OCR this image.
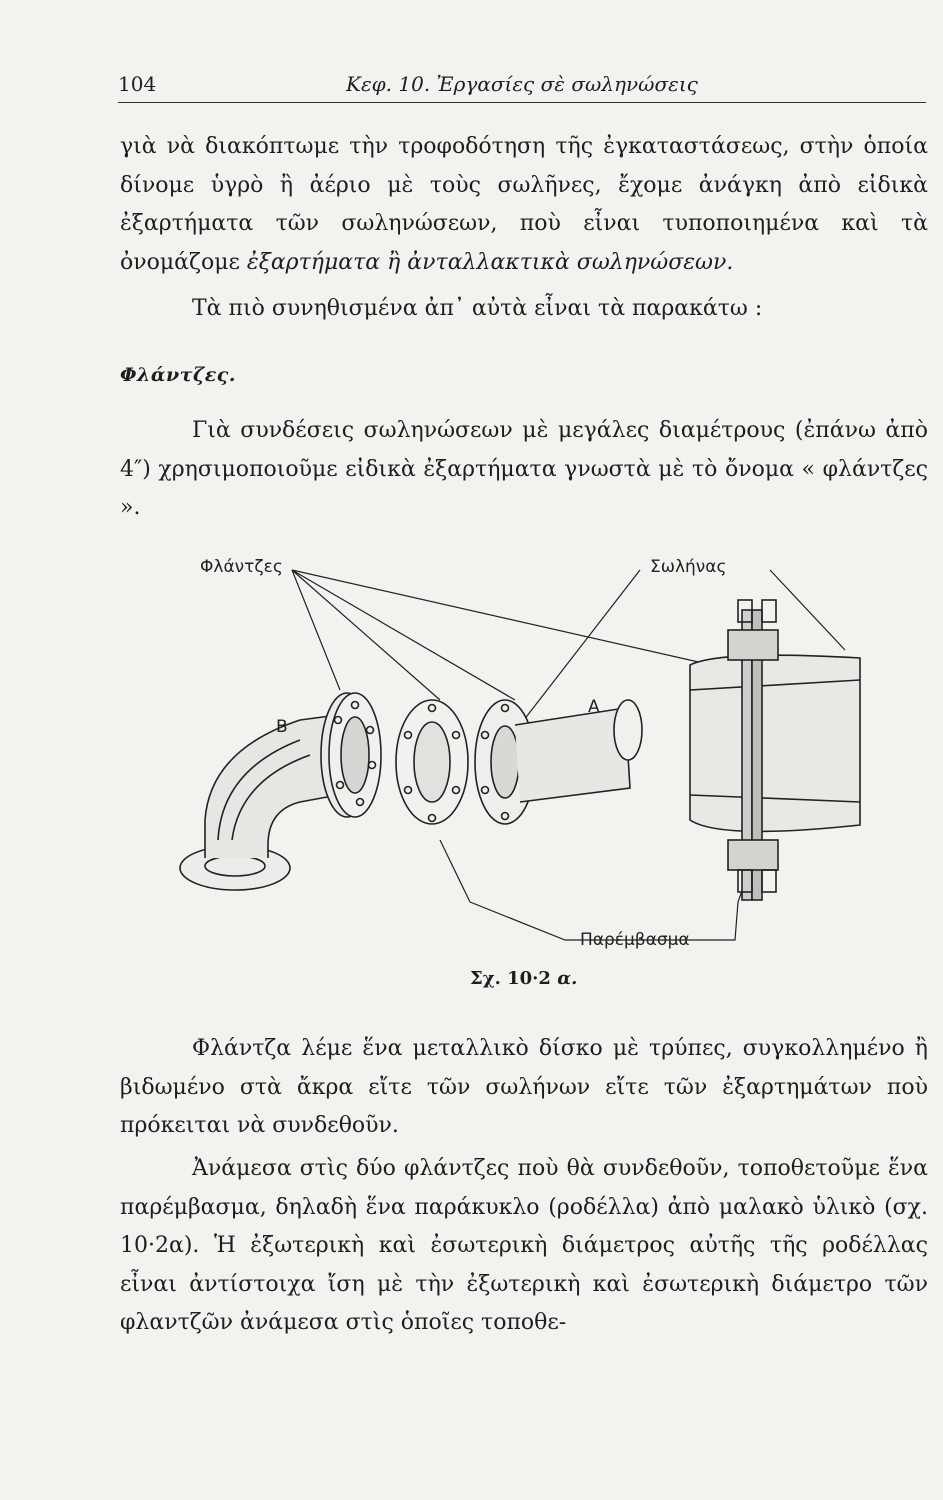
104	Κεφ. 10. Ἐργασίες σὲ σωληνώσεις

γιὰ νὰ διακόπτωμε τὴν τροφοδότηση τῆς ἐγκαταστάσεως, στὴν ὁποία δίνομε ὑγρὸ ἢ ἀέριο μὲ τοὺς σωλῆνες, ἔχομε ἀνάγκη ἀπὸ εἰδικὰ ἐξαρτήματα τῶν σωληνώσεων, ποὺ εἶναι τυποποιημένα καὶ τὰ ὀνομάζομε ἐξαρτήματα ἢ ἀνταλλακτικὰ σωληνώσεων.

Τὰ πιὸ συνηθισμένα ἀπ᾽ αὐτὰ εἶναι τὰ παρακάτω :

Φλάντζες.

Γιὰ συνδέσεις σωληνώσεων μὲ μεγάλες διαμέτρους (ἐπάνω ἀπὸ 4″) χρησιμοποιοῦμε εἰδικὰ ἐξαρτήματα γνωστὰ μὲ τὸ ὄνομα « φλάντζες ».

Φλάντζες	Σωλήνας
Παρέμβασμα
A
B
Σχ. 10·2 α.

Φλάντζα λέμε ἕνα μεταλλικὸ δίσκο μὲ τρύπες, συγκολλημένο ἢ βιδωμένο στὰ ἄκρα εἴτε τῶν σωλήνων εἴτε τῶν ἐξαρτημάτων ποὺ πρόκειται νὰ συνδεθοῦν.

Ἀνάμεσα στὶς δύο φλάντζες ποὺ θὰ συνδεθοῦν, τοποθετοῦμε ἕνα παρέμβασμα, δηλαδὴ ἕνα παράκυκλο (ροδέλλα) ἀπὸ μαλακὸ ὑλικὸ (σχ. 10·2α). Ἡ ἐξωτερικὴ καὶ ἐσωτερικὴ διάμετρος αὐτῆς τῆς ροδέλλας εἶναι ἀντίστοιχα ἴση μὲ τὴν ἐξωτερικὴ καὶ ἐσωτερικὴ διάμετρο τῶν φλαντζῶν ἀνάμεσα στὶς ὁποῖες τοποθε-
